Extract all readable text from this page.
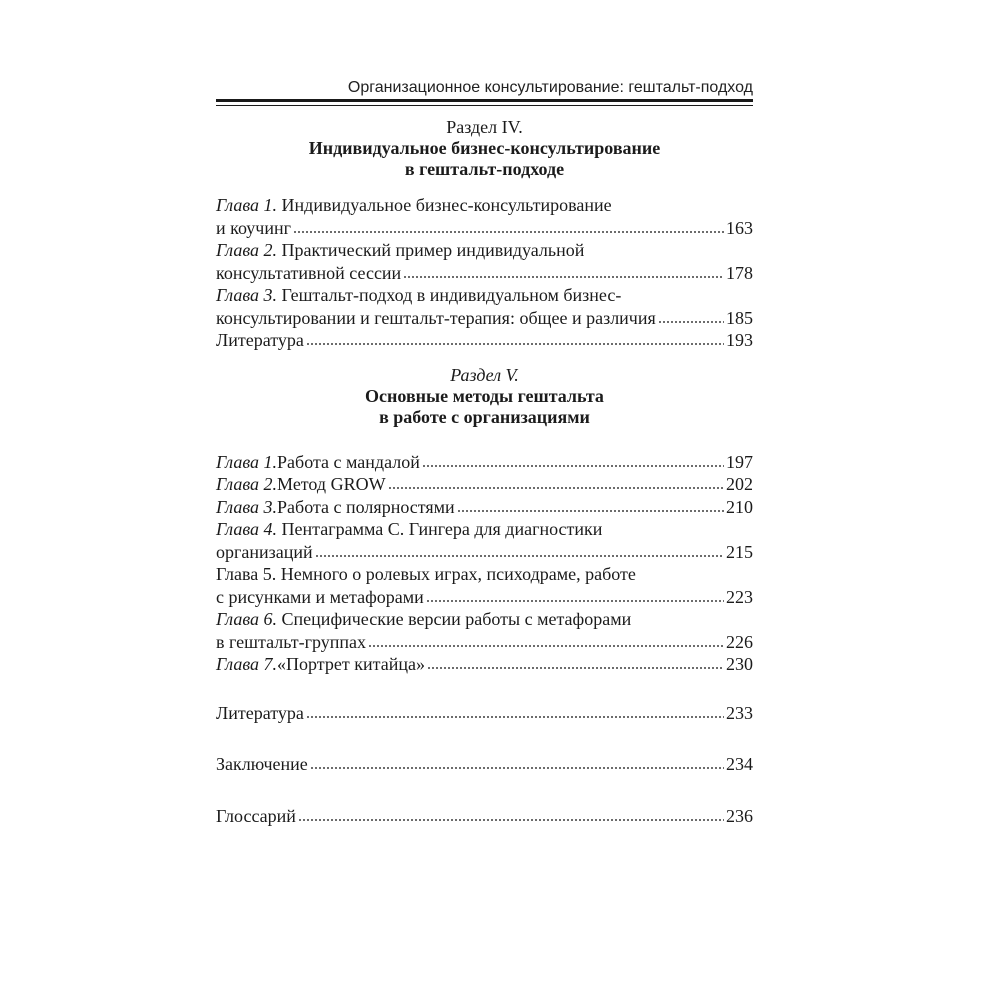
Организационное консультирование: гештальт-подход
Раздел IV.
Индивидуальное бизнес-консультирование
в гештальт-подходе
Глава 1. Индивидуальное бизнес-консультирование
и коучинг	163
Глава 2. Практический пример индивидуальной
консультативной сессии	178
Глава 3. Гештальт-подход в индивидуальном бизнес-
консультировании и гештальт-терапия: общее и различия	185
Литература	193
Раздел V.
Основные методы гештальта
в работе с организациями
Глава 1. Работа с мандалой	197
Глава 2. Метод GROW	202
Глава 3. Работа с полярностями	210
Глава 4. Пентаграмма С. Гингера для диагностики
организаций	215
Глава 5. Немного о ролевых играх, психодраме, работе
с рисунками и метафорами	223
Глава 6. Специфические версии работы с метафорами
в гештальт-группах	226
Глава 7. «Портрет китайца»	230
Литература	233
Заключение	234
Глоссарий	236
